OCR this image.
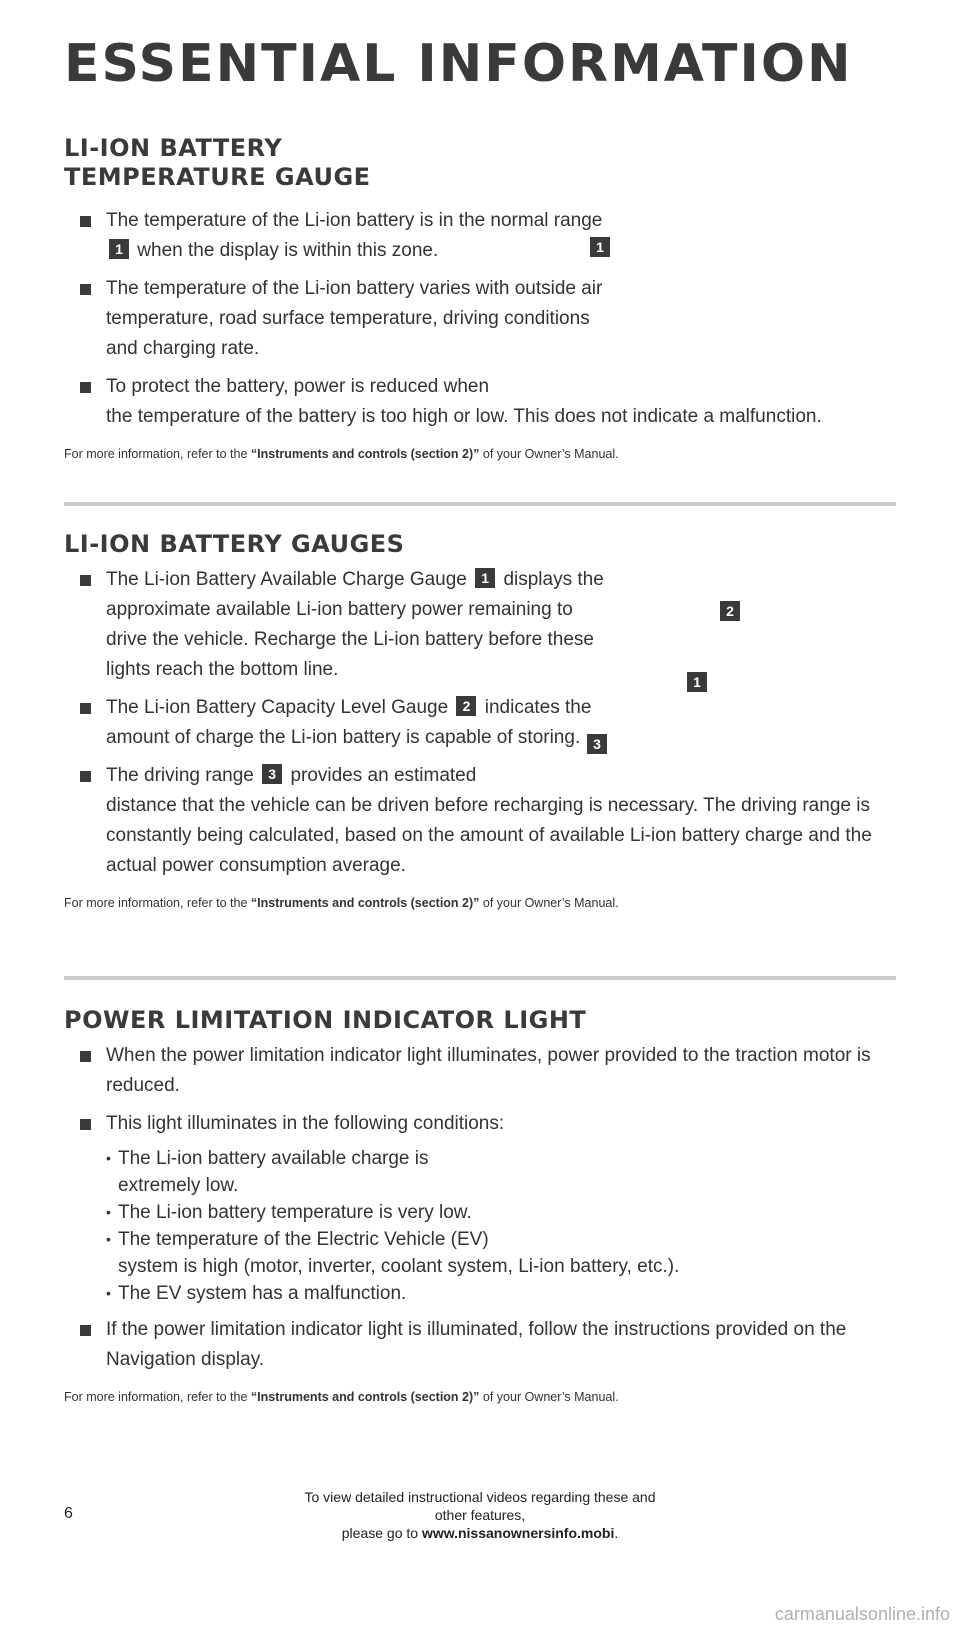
ESSENTIAL INFORMATION
LI-ION BATTERY
TEMPERATURE GAUGE
The temperature of the Li-ion battery is in the normal range 1 when the display is within this zone.
The temperature of the Li-ion battery varies with outside air temperature, road surface temperature, driving conditions and charging rate.
To protect the battery, power is reduced when
the temperature of the battery is too high or low. This does not indicate a malfunction.
For more information, refer to the “Instruments and controls (section 2)” of your Owner’s Manual.
1
LI-ION BATTERY GAUGES
The Li-ion Battery Available Charge Gauge 1 displays the approximate available Li-ion battery power remaining to drive the vehicle. Recharge the Li-ion battery before these lights reach the bottom line.
The Li-ion Battery Capacity Level Gauge 2 indicates the amount of charge the Li-ion battery is capable of storing.
The driving range 3 provides an estimated
distance that the vehicle can be driven before recharging is necessary. The driving range is constantly being calculated, based on the amount of available Li-ion battery charge and the actual power consumption average.
For more information, refer to the “Instruments and controls (section 2)” of your Owner’s Manual.
2
1
3
POWER LIMITATION INDICATOR LIGHT
When the power limitation indicator light illuminates, power provided to the traction motor is reduced.
This light illuminates in the following conditions:
• The Li-ion battery available charge is
extremely low.
• The Li-ion battery temperature is very low.
• The temperature of the Electric Vehicle (EV)
system is high (motor, inverter, coolant system, Li-ion battery, etc.).
• The EV system has a malfunction.
If the power limitation indicator light is illuminated, follow the instructions provided on the Navigation display.
For more information, refer to the “Instruments and controls (section 2)” of your Owner’s Manual.
6
To view detailed instructional videos regarding these and other features,
please go to www.nissanownersinfo.mobi.
carmanualsonline.info
